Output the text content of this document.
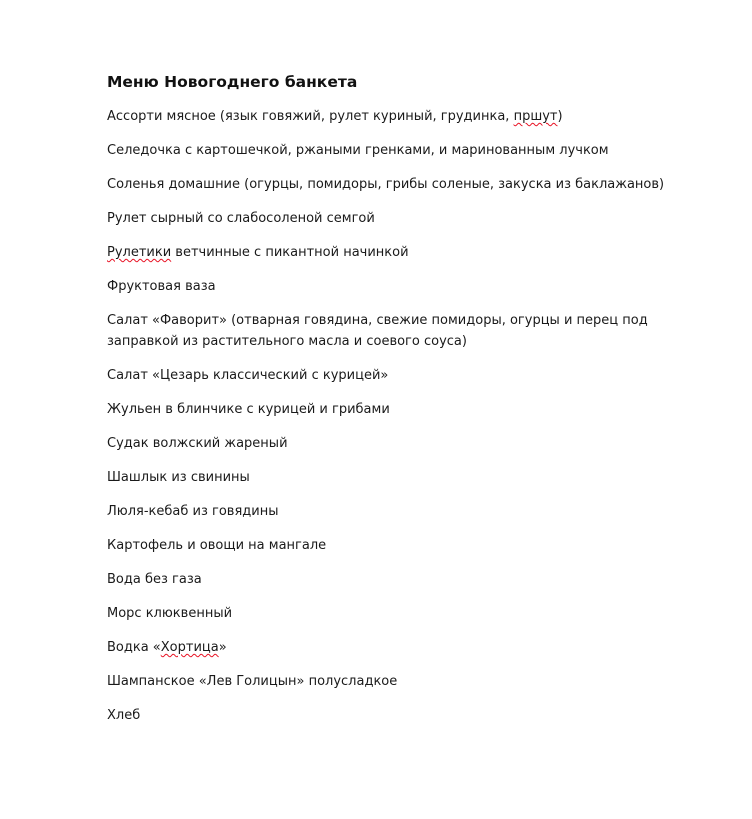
Меню Новогоднего банкета
Ассорти мясное (язык говяжий, рулет куриный, грудинка, пршут)
Селедочка с картошечкой, ржаными гренками, и маринованным лучком
Соленья домашние (огурцы, помидоры, грибы соленые, закуска из баклажанов)
Рулет сырный со слабосоленой семгой
Рулетики ветчинные с пикантной начинкой
Фруктовая ваза
Салат «Фаворит» (отварная говядина, свежие помидоры, огурцы и перец под заправкой из растительного масла и соевого соуса)
Салат «Цезарь классический с курицей»
Жульен в блинчике с курицей и грибами
Судак волжский жареный
Шашлык из свинины
Люля-кебаб из говядины
Картофель и овощи на мангале
Вода без газа
Морс клюквенный
Водка «Хортица»
Шампанское «Лев Голицын» полусладкое
Хлеб
